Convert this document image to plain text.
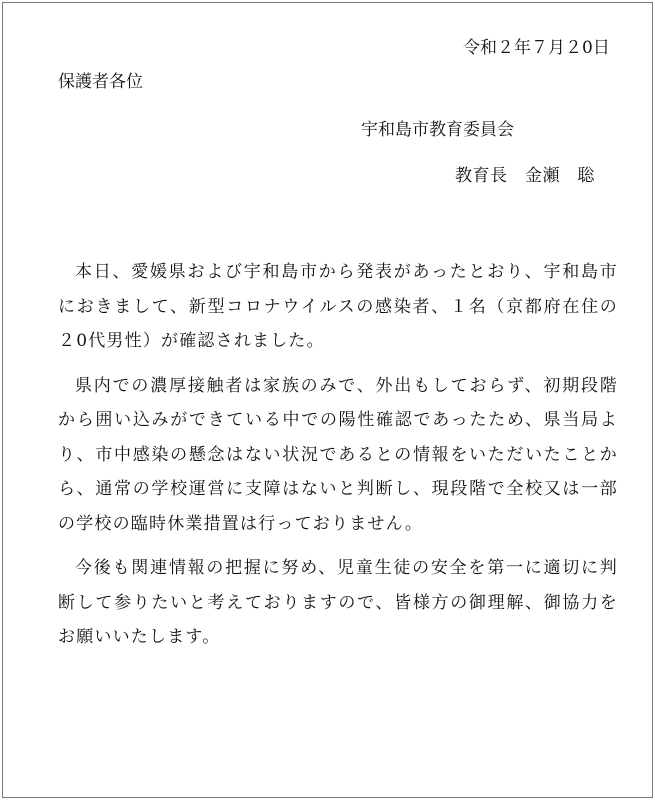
令和２年７月２0日
保護者各位
宇和島市教育委員会
教育長　金瀬　聡

本日、愛媛県および宇和島市から発表があったとおり、宇和島市におきまして、新型コロナウイルスの感染者、１名（京都府在住の２0代男性）が確認されました。

県内での濃厚接触者は家族のみで、外出もしておらず、初期段階から囲い込みができている中での陽性確認であったため、県当局より、市中感染の懸念はない状況であるとの情報をいただいたことから、通常の学校運営に支障はないと判断し、現段階で全校又は一部の学校の臨時休業措置は行っておりません。

今後も関連情報の把握に努め、児童生徒の安全を第一に適切に判断して参りたいと考えておりますので、皆様方の御理解、御協力をお願いいたします。
